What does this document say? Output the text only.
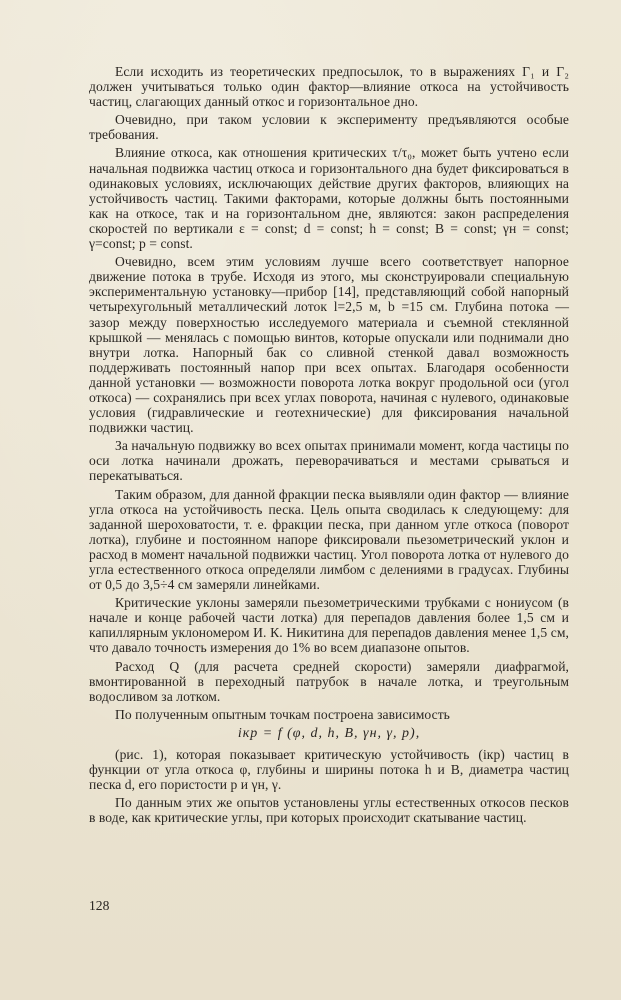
Если исходить из теоретических предпосылок, то в выражениях Γ₁ и Γ₂ должен учитываться только один фактор—влияние откоса на устойчивость частиц, слагающих данный откос и горизонтальное дно.

Очевидно, при таком условии к эксперименту предъявляются особые требования.

Влияние откоса, как отношения критических τ/τ₀, может быть учтено если начальная подвижка частиц откоса и горизонтального дна будет фиксироваться в одинаковых условиях, исключающих действие других факторов, влияющих на устойчивость частиц. Такими факторами, которые должны быть постоянными как на откосе, так и на горизонтальном дне, являются: закон распределения скоростей по вертикали ε = const; d = const; h = const; B = const; γн = const; γ=const; p = const.

Очевидно, всем этим условиям лучше всего соответствует напорное движение потока в трубе. Исходя из этого, мы сконструировали специальную экспериментальную установку—прибор [14], представляющий собой напорный четырехугольный металлический лоток l=2,5 м, b =15 см. Глубина потока — зазор между поверхностью исследуемого материала и съемной стеклянной крышкой — менялась с помощью винтов, которые опускали или поднимали дно внутри лотка. Напорный бак со сливной стенкой давал возможность поддерживать постоянный напор при всех опытах. Благодаря особенности данной установки — возможности поворота лотка вокруг продольной оси (угол откоса) — сохранялись при всех углах поворота, начиная с нулевого, одинаковые условия (гидравлические и геотехнические) для фиксирования начальной подвижки частиц.

За начальную подвижку во всех опытах принимали момент, когда частицы по оси лотка начинали дрожать, переворачиваться и местами срываться и перекатываться.

Таким образом, для данной фракции песка выявляли один фактор — влияние угла откоса на устойчивость песка. Цель опыта сводилась к следующему: для заданной шероховатости, т. е. фракции песка, при данном угле откоса (поворот лотка), глубине и постоянном напоре фиксировали пьезометрический уклон и расход в момент начальной подвижки частиц. Угол поворота лотка от нулевого до угла естественного откоса определяли лимбом с делениями в градусах. Глубины от 0,5 до 3,5÷4 см замеряли линейками.

Критические уклоны замеряли пьезометрическими трубками с нониусом (в начале и конце рабочей части лотка) для перепадов давления более 1,5 см и капиллярным уклономером И. К. Никитина для перепадов давления менее 1,5 см, что давало точность измерения до 1% во всем диапазоне опытов.

Расход Q (для расчета средней скорости) замеряли диафрагмой, вмонтированной в переходный патрубок в начале лотка, и треугольным водосливом за лотком.

По полученным опытным точкам построена зависимость

iкр = f (φ, d, h, B, γн, γ, p),

(рис. 1), которая показывает критическую устойчивость (iкр) частиц в функции от угла откоса φ, глубины и ширины потока h и B, диаметра частиц песка d, его пористости p и γн, γ.

По данным этих же опытов установлены углы естественных откосов песков в воде, как критические углы, при которых происходит скатывание частиц.

128
